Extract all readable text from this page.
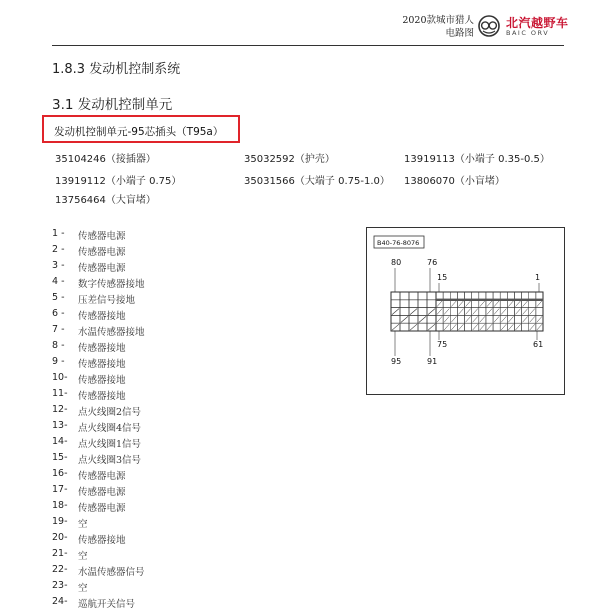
2020款城市猎人
电路图
北汽越野车
BAIC ORV
1.8.3 发动机控制系统
3.1 发动机控制单元
发动机控制单元-95芯插头（T95a）
35104246（接插器）	35032592（护壳）	13919113（小端子 0.35-0.5）
13919112（小端子 0.75）	35031566（大端子 0.75-1.0） 13806070（小盲堵）
13756464（大盲堵）
1 -	传感器电源
2 -	传感器电源
3 -	传感器电源
4 -	数字传感器接地
5 -	压差信号接地
6 -	传感器接地
7 -	水温传感器接地
8 -	传感器接地
9 -	传感器接地
10-	传感器接地
11-	传感器接地
12-	点火线圈2信号
13-	点火线圈4信号
14-	点火线圈1信号
15-	点火线圈3信号
16-	传感器电源
17-	传感器电源
18-	传感器电源
19-	空
20-	传感器接地
21-	空
22-	水温传感器信号
23-	空
24-	巡航开关信号
B40-76-8076
80	76
15	1
75	61
95	91
